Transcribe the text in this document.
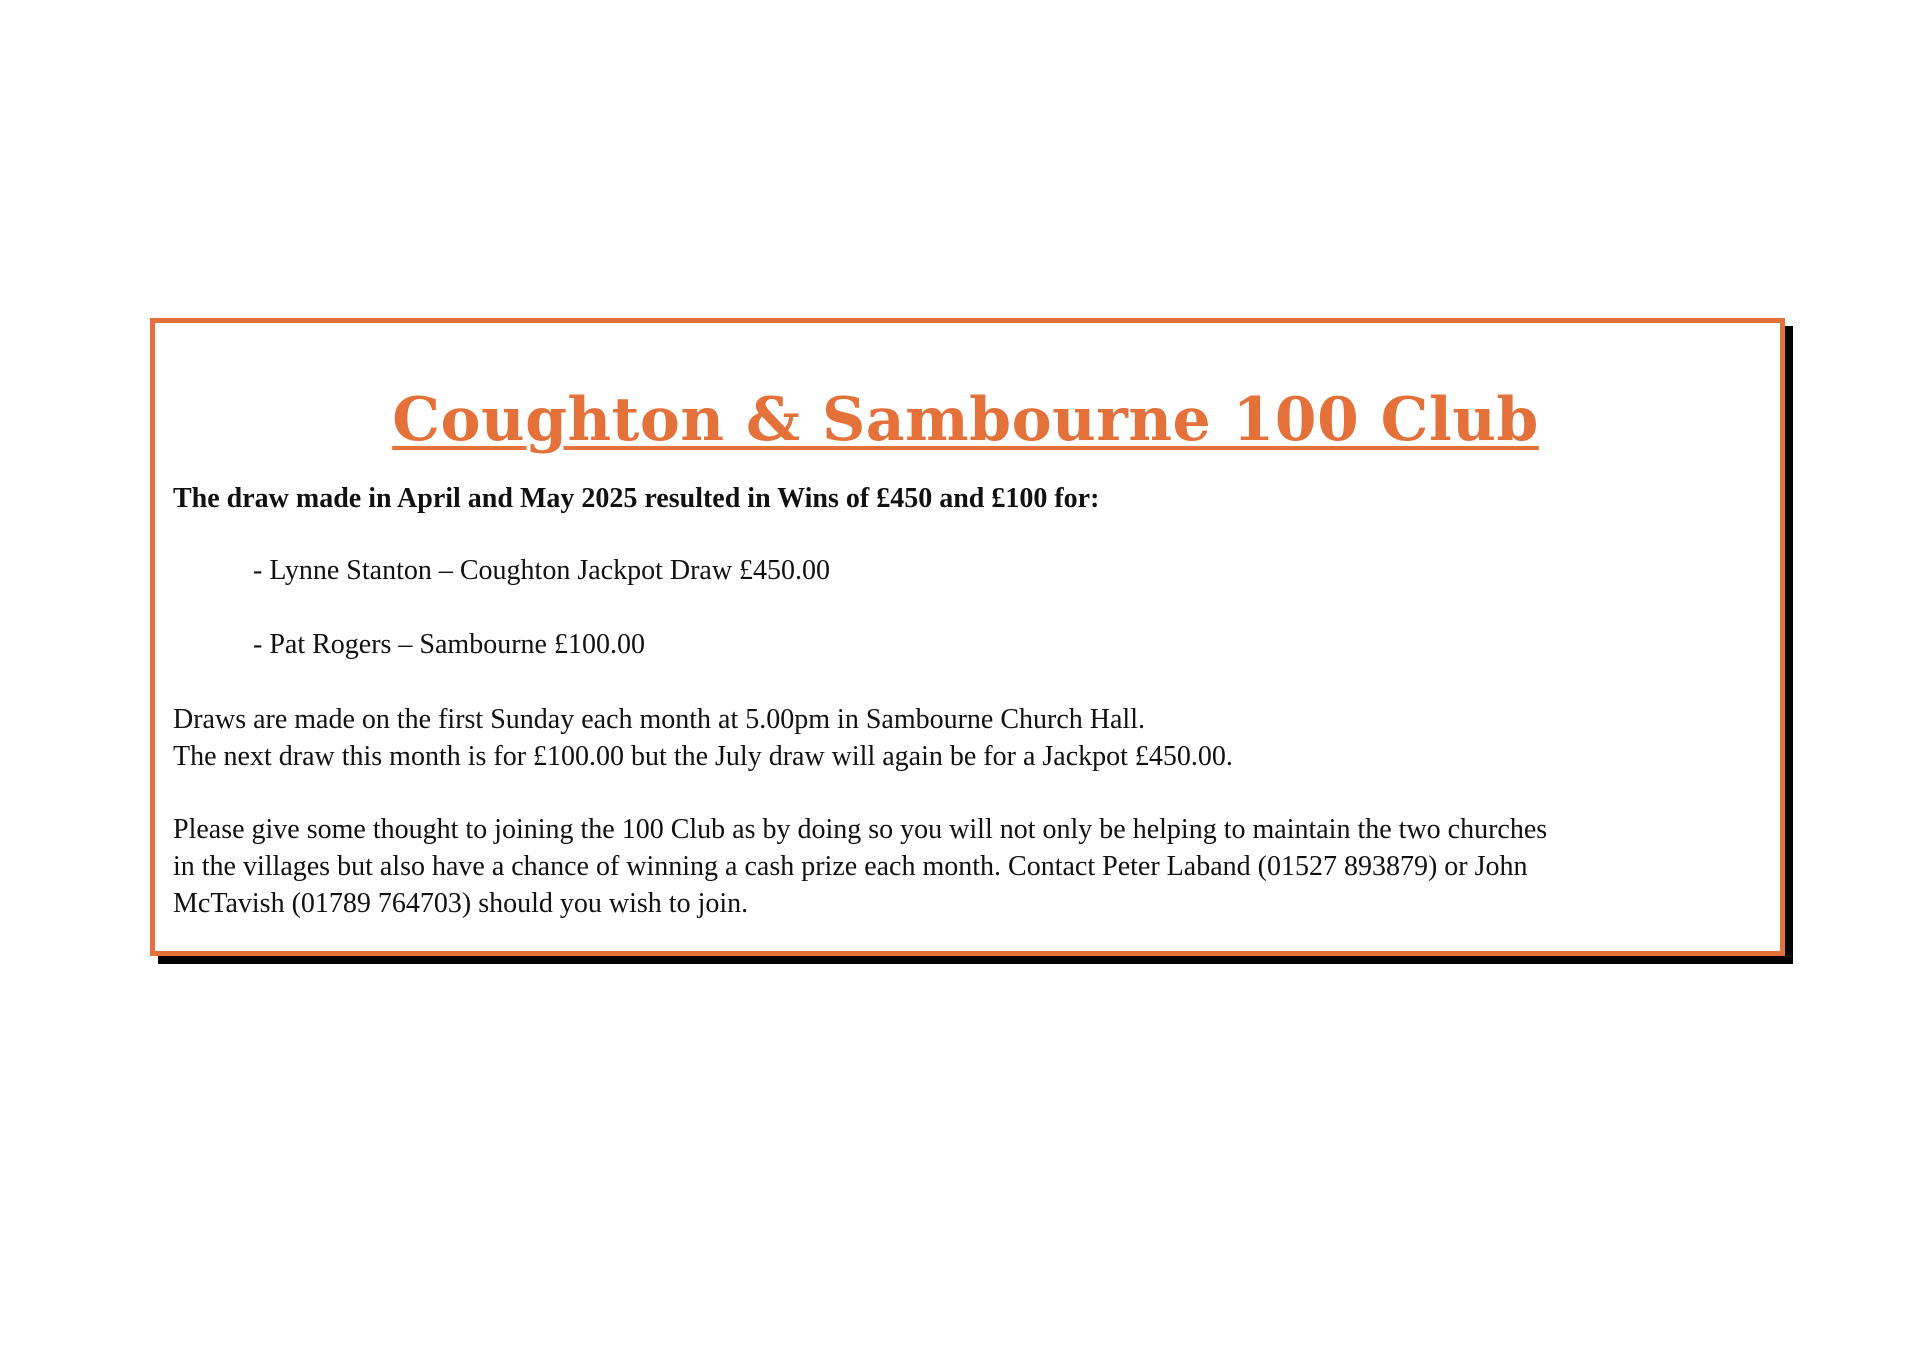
Coughton & Sambourne 100 Club

The draw made in April and May 2025 resulted in Wins of £450 and £100 for:

- Lynne Stanton – Coughton Jackpot Draw £450.00
- Pat Rogers – Sambourne £100.00

Draws are made on the first Sunday each month at 5.00pm in Sambourne Church Hall.

The next draw this month is for £100.00 but the July draw will again be for a Jackpot £450.00.

Please give some thought to joining the 100 Club as by doing so you will not only be helping to maintain the two churches

in the villages but also have a chance of winning a cash prize each month. Contact Peter Laband (01527 893879) or John

McTavish (01789 764703) should you wish to join.
